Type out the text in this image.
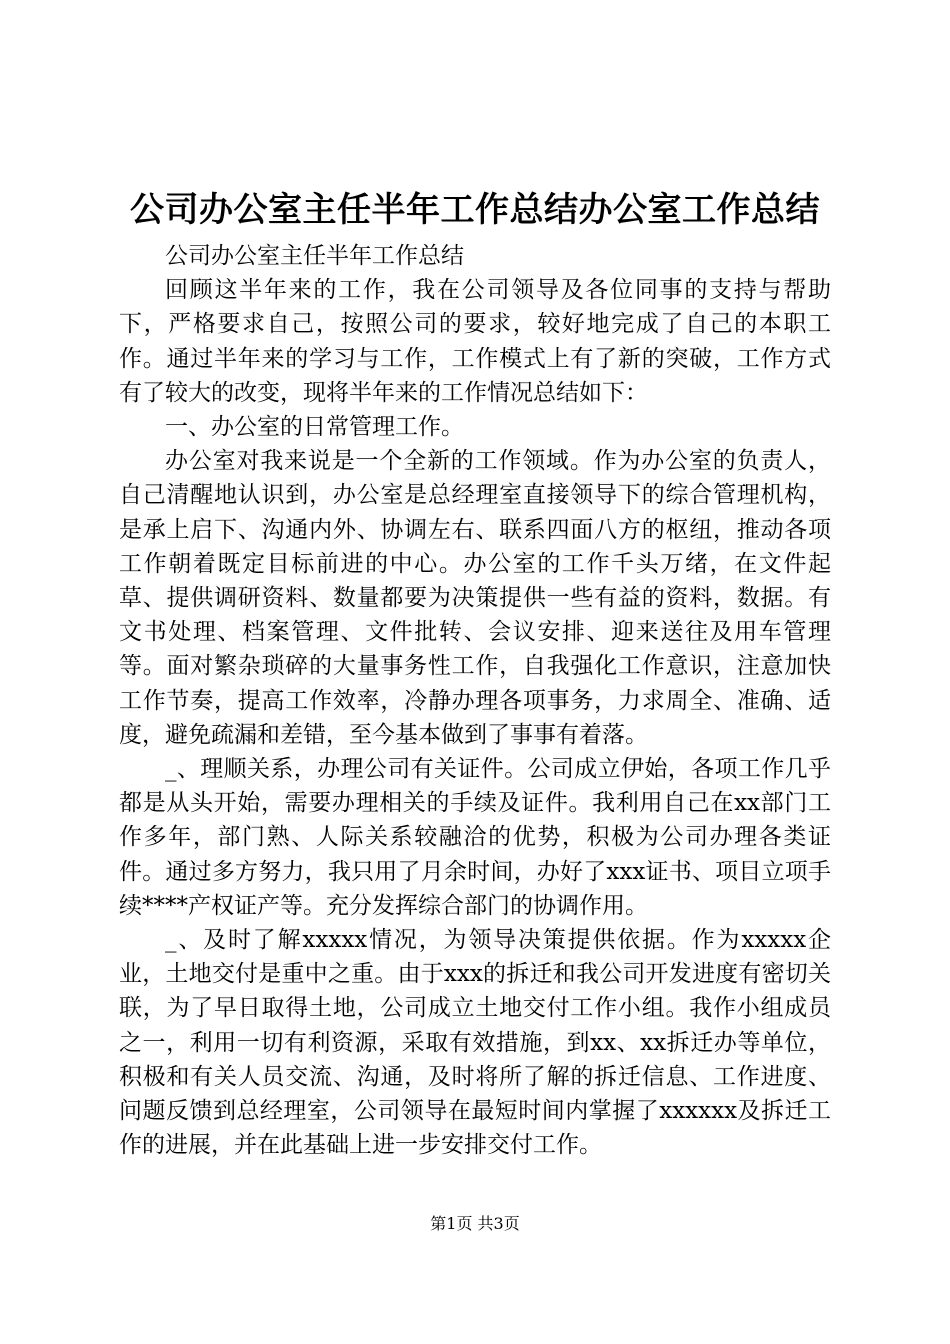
公司办公室主任半年工作总结办公室工作总结

公司办公室主任半年工作总结

回顾这半年来的工作，我在公司领导及各位同事的支持与帮助下，严格要求自己，按照公司的要求，较好地完成了自己的本职工作。通过半年来的学习与工作，工作模式上有了新的突破，工作方式有了较大的改变，现将半年来的工作情况总结如下：

一、办公室的日常管理工作。

办公室对我来说是一个全新的工作领域。作为办公室的负责人，自己清醒地认识到，办公室是总经理室直接领导下的综合管理机构，是承上启下、沟通内外、协调左右、联系四面八方的枢纽，推动各项工作朝着既定目标前进的中心。办公室的工作千头万绪，在文件起草、提供调研资料、数量都要为决策提供一些有益的资料，数据。有文书处理、档案管理、文件批转、会议安排、迎来送往及用车管理等。面对繁杂琐碎的大量事务性工作，自我强化工作意识，注意加快工作节奏，提高工作效率，冷静办理各项事务，力求周全、准确、适度，避免疏漏和差错，至今基本做到了事事有着落。

_、理顺关系，办理公司有关证件。公司成立伊始，各项工作几乎都是从头开始，需要办理相关的手续及证件。我利用自己在xx部门工作多年，部门熟、人际关系较融洽的优势，积极为公司办理各类证件。通过多方努力，我只用了月余时间，办好了xxx证书、项目立项手续****产权证产等。充分发挥综合部门的协调作用。

_、及时了解xxxxx情况，为领导决策提供依据。作为xxxxx企业，土地交付是重中之重。由于xxx的拆迁和我公司开发进度有密切关联，为了早日取得土地，公司成立土地交付工作小组。我作小组成员之一，利用一切有利资源，采取有效措施，到xx、xx拆迁办等单位，积极和有关人员交流、沟通，及时将所了解的拆迁信息、工作进度、问题反馈到总经理室，公司领导在最短时间内掌握了xxxxxx及拆迁工作的进展，并在此基础上进一步安排交付工作。

第1页 共3页
